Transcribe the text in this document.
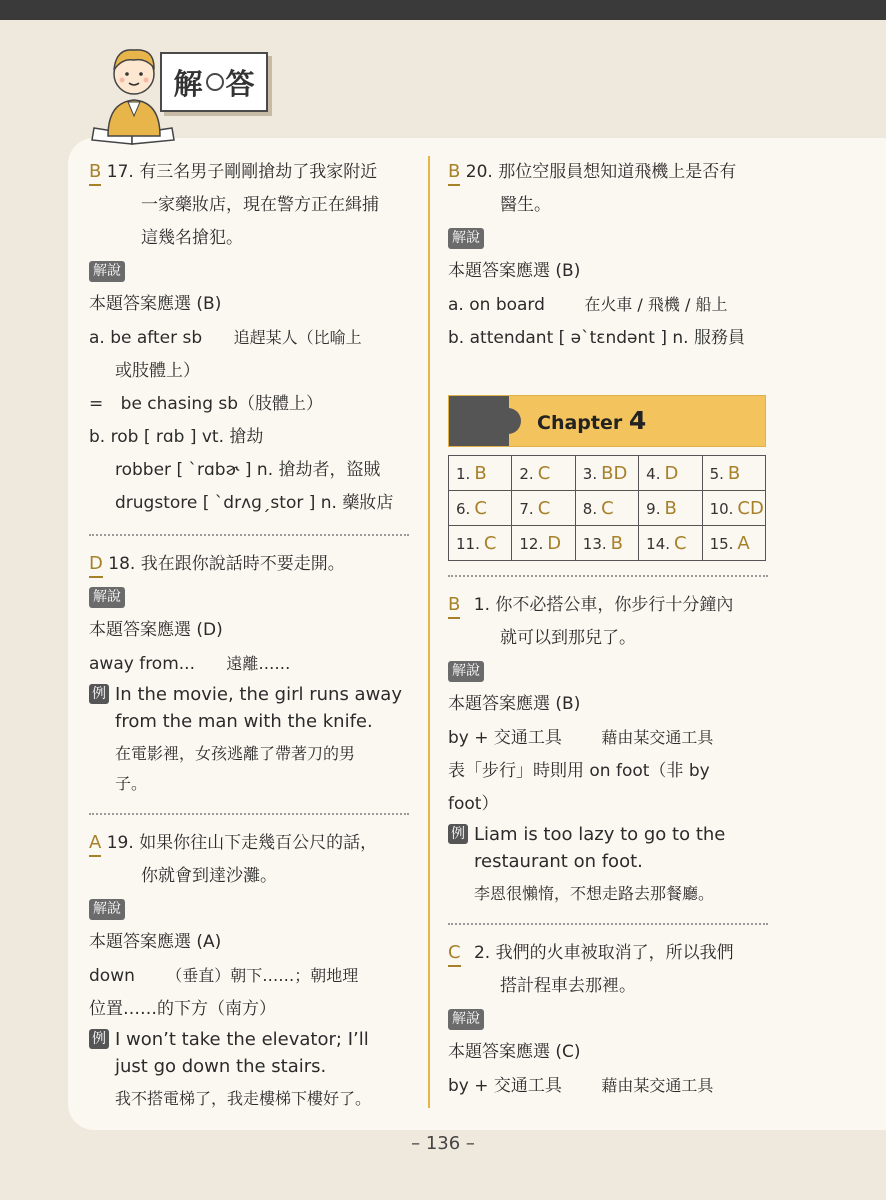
解 答
B 17. 有三名男子剛剛搶劫了我家附近
一家藥妝店，現在警方正在緝捕
這幾名搶犯。
解說
本題答案應選 (B)
a. be after sb 追趕某人（比喻上
或肢體上）
= be chasing sb（肢體上）
b. rob [ rɑb ] vt. 搶劫
robber [ ˋrɑbɚ ] n. 搶劫者，盜賊
drugstore [ ˋdrʌɡˏstor ] n. 藥妝店
D 18. 我在跟你說話時不要走開。
解說
本題答案應選 (D)
away from... 遠離……
例 In the movie, the girl runs away
from the man with the knife.
在電影裡，女孩逃離了帶著刀的男
子。
A 19. 如果你往山下走幾百公尺的話，
你就會到達沙灘。
解說
本題答案應選 (A)
down （垂直）朝下……；朝地理
位置……的下方（南方）
例 I won’t take the elevator; I’ll
just go down the stairs.
我不搭電梯了，我走樓梯下樓好了。
B 20. 那位空服員想知道飛機上是否有
醫生。
解說
本題答案應選 (B)
a. on board 在火車 / 飛機 / 船上
b. attendant [ əˋtɛndənt ] n. 服務員
Chapter 4
1. B	2. C	3. BD	4. D	5. B
6. C	7. C	8. C	9. B	10. CD
11. C	12. D	13. B	14. C	15. A
B 1. 你不必搭公車，你步行十分鐘內
就可以到那兒了。
解說
本題答案應選 (B)
by + 交通工具 藉由某交通工具
表「步行」時則用 on foot（非 by
foot）
例 Liam is too lazy to go to the
restaurant on foot.
李恩很懶惰，不想走路去那餐廳。
C 2. 我們的火車被取消了，所以我們
搭計程車去那裡。
解說
本題答案應選 (C)
by + 交通工具 藉由某交通工具
– 136 –
